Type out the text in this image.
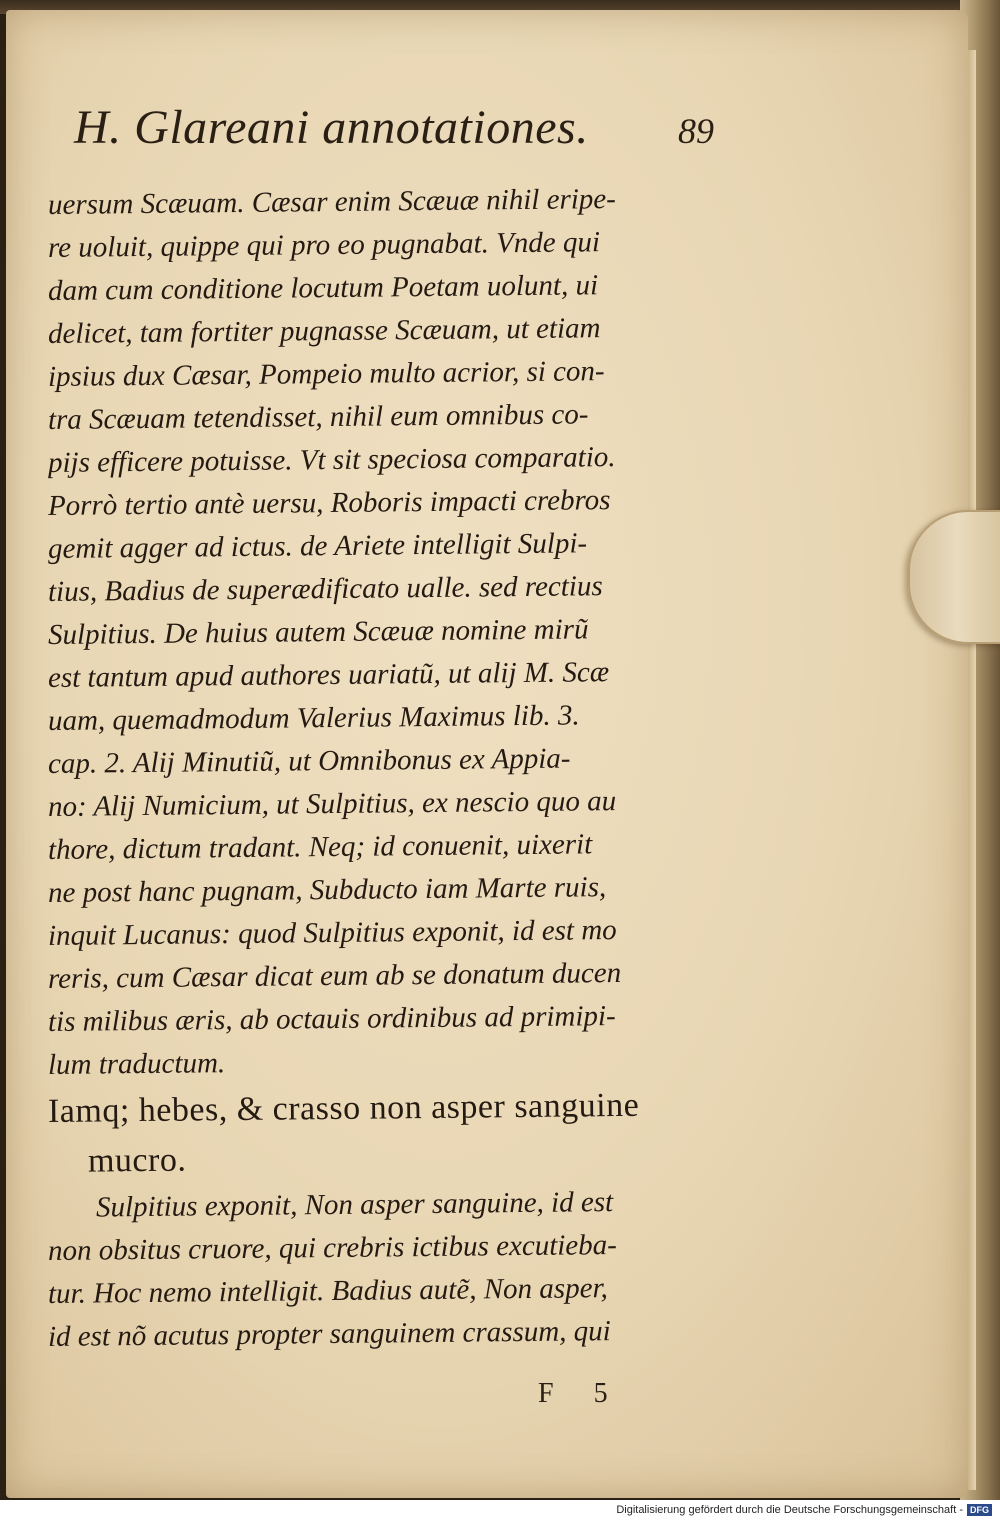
H. Glareani annotationes. 89
uersum Scæuam. Cæsar enim Scæuæ nihil eripe-
re uoluit, quippe qui pro eo pugnabat. Vnde qui
dam cum conditione locutum Poetam uolunt, ui
delicet, tam fortiter pugnasse Scæuam, ut etiam
ipsius dux Cæsar, Pompeio multo acrior, si con-
tra Scæuam tetendisset, nihil eum omnibus co-
pijs efficere potuisse. Vt sit speciosa comparatio.
Porrò tertio antè uersu, Roboris impacti crebros
gemit agger ad ictus. de Ariete intelligit Sulpi-
tius, Badius de superædificato ualle. sed rectius
Sulpitius. De huius autem Scæuæ nomine mirũ
est tantum apud authores uariatũ, ut alij M. Scæ
uam, quemadmodum Valerius Maximus lib. 3.
cap. 2. Alij Minutiũ, ut Omnibonus ex Appia-
no: Alij Numicium, ut Sulpitius, ex nescio quo au
thore, dictum tradant. Neq; id conuenit, uixerit
ne post hanc pugnam, Subducto iam Marte ruis,
inquit Lucanus: quod Sulpitius exponit, id est mo
reris, cum Cæsar dicat eum ab se donatum ducen
tis milibus æris, ab octauis ordinibus ad primipi-
lum traductum.
Iamq; hebes, & crasso non asper sanguine
mucro.
Sulpitius exponit, Non asper sanguine, id est
non obsitus cruore, qui crebris ictibus excutieba-
tur. Hoc nemo intelligit. Badius autẽ, Non asper,
id est nõ acutus propter sanguinem crassum, qui
F 5
Digitalisierung gefördert durch die Deutsche Forschungsgemeinschaft - DFG
